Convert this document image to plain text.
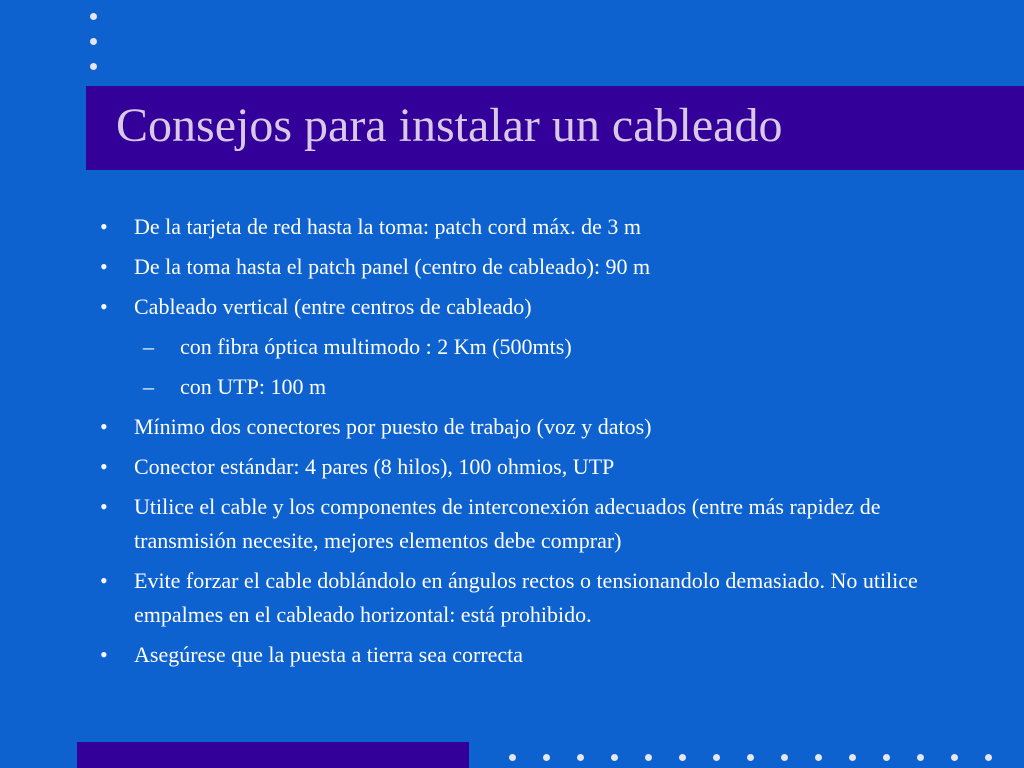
Consejos para instalar un cableado
• De la tarjeta de red hasta la toma: patch cord máx. de 3 m
• De la toma hasta el patch panel (centro de cableado): 90 m
• Cableado vertical (entre centros de cableado)
– con fibra óptica multimodo : 2 Km (500mts)
– con UTP: 100 m
• Mínimo dos conectores por puesto de trabajo (voz y datos)
• Conector estándar: 4 pares (8 hilos), 100 ohmios, UTP
• Utilice el cable y los componentes de interconexión adecuados (entre más rapidez de transmisión necesite, mejores elementos debe comprar)
• Evite forzar el cable doblándolo en ángulos rectos o tensionandolo demasiado. No utilice empalmes en el cableado horizontal: está prohibido.
• Asegúrese que la puesta a tierra sea correcta
